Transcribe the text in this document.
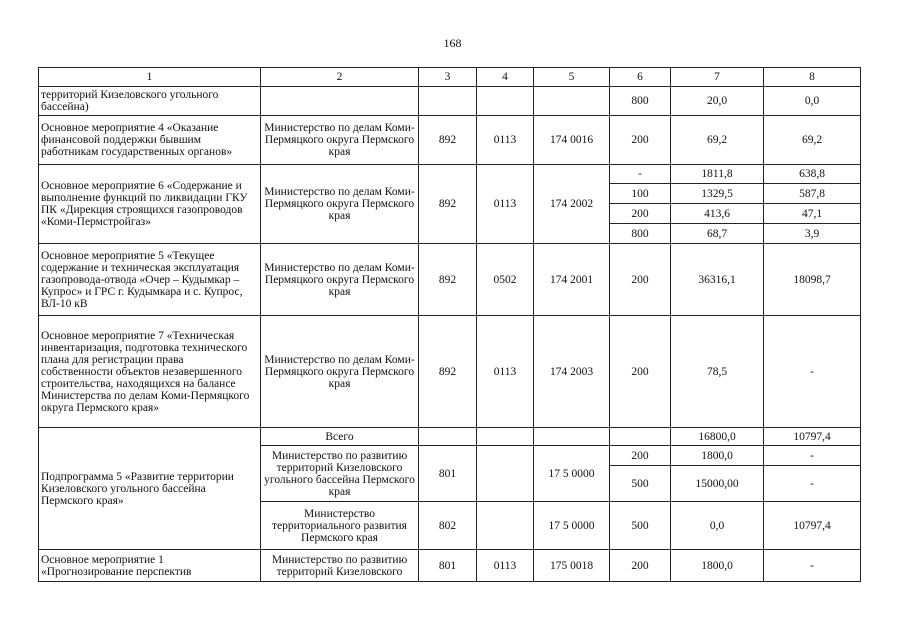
168
1	2	3	4	5	6	7	8
территорий Кизеловского угольного бассейна)					800	20,0	0,0
Основное мероприятие 4 «Оказание финансовой поддержки бывшим работникам государственных органов»	Министерство по делам Коми-Пермяцкого округа Пермского края	892	0113	174 0016	200	69,2	69,2
Основное мероприятие 6 «Содержание и выполнение функций по ликвидации ГКУ ПК «Дирекция строящихся газопроводов «Коми-Пермстройгаз»	Министерство по делам Коми-Пермяцкого округа Пермского края	892	0113	174 2002	-	1811,8	638,8
					100	1329,5	587,8
					200	413,6	47,1
					800	68,7	3,9
Основное мероприятие 5 «Текущее содержание и техническая эксплуатация газопровода-отвода «Очер – Кудымкар – Купрос» и ГРС г. Кудымкара и с. Купрос, ВЛ-10 кВ	Министерство по делам Коми-Пермяцкого округа Пермского края	892	0502	174 2001	200	36316,1	18098,7
Основное мероприятие 7 «Техническая инвентаризация, подготовка технического плана для регистрации права собственности объектов незавершенного строительства, находящихся на балансе Министерства по делам Коми-Пермяцкого округа Пермского края»	Министерство по делам Коми-Пермяцкого округа Пермского края	892	0113	174 2003	200	78,5	-
Подпрограмма 5 «Развитие территории Кизеловского угольного бассейна Пермского края»	Всего					16800,0	10797,4
	Министерство по развитию территорий Кизеловского угольного бассейна Пермского края	801		17 5 0000	200	1800,0	-
					500	15000,00	-
	Министерство территориального развития Пермского края	802		17 5 0000	500	0,0	10797,4
Основное мероприятие 1 «Прогнозирование перспектив	Министерство по развитию территорий Кизеловского	801	0113	175 0018	200	1800,0	-
